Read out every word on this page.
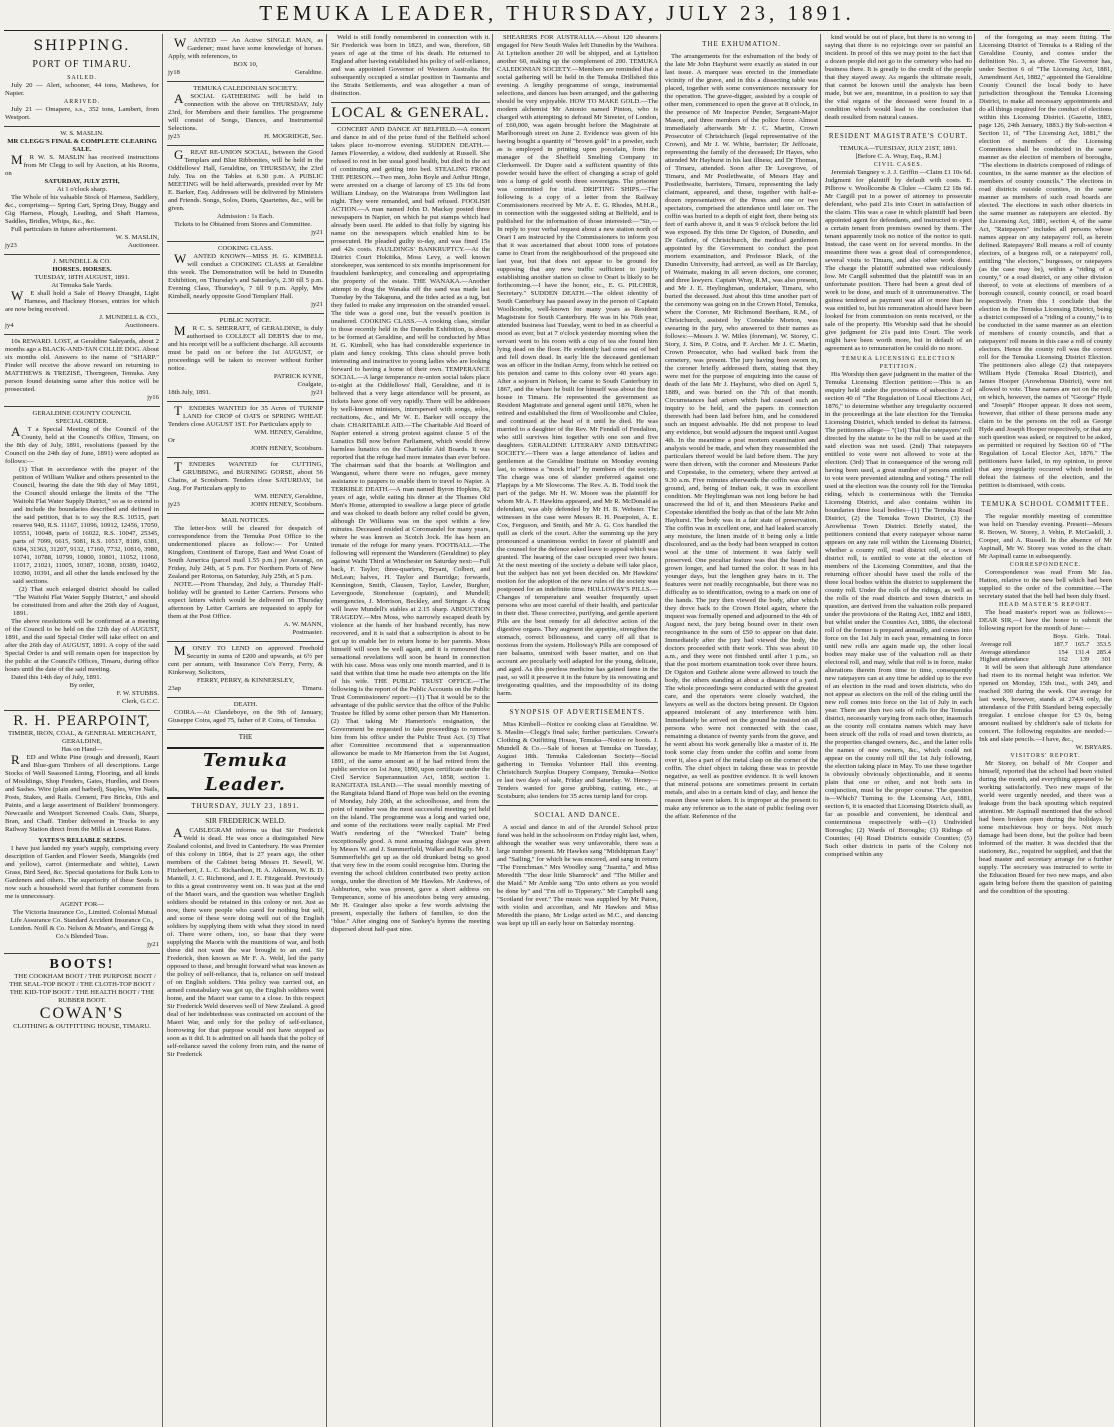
TEMUKA LEADER, THURSDAY, JULY 23, 1891.
SHIPPING.
PORT OF TIMARU.
SAILED.

July 20 — Alert, schooner, 44 tons, Mathews, for Napier.

ARRIVED.

July 21 — Omapere, s.s., 352 tons, Lambert, from Westport.

W. S. MASLIN.
MR CLEGG'S FINAL & COMPLETE CLEARING SALE.

MR W. S. MASLIN has received instructions from Mr Clegg to sell by Auction, at his Rooms, on

SATURDAY, JULY 25TH,
At 1 o'clock sharp.

The Whole of his valuable Stock of Harness, Saddlery, &c., comprising— Spring Cart, Spring Dray, Buggy and Gig Harness, Plough, Leading, and Shaft Harness, Saddles, Bridles, Whips, &c., &c.

Full particulars in future advertisement.

W. S. MASLIN,
jy23	Auctioneer.
J. MUNDELL & CO.
HORSES. HORSES.
TUESDAY, 18TH AUGUST, 1891.
At Temuka Sale Yards.

WE shall hold a Sale of Heavy Draught, Light Harness, and Hackney Horses, entries for which are now being received.

J. MUNDELL & CO.,
jy4	Auctioneers.

10s REWARD. LOST, at Geraldine Saleyards, about 2 months ago a BLACK-AND-TAN COLLIE DOG. About six months old. Answers to the name of "SHARP." Finder will receive the above reward on returning to MATTHEWS & TREZISE, Thorngreen, Temuka. Any person found detaining same after this notice will be prosecuted.

jy16
GERALDINE COUNTY COUNCIL
SPECIAL ORDER.

AT a Special Meeting of the Council of the County, held at the Council's Office, Timaru, on the 8th day of July, 1891, resolutions (passed by the Council on the 24th day of June, 1891) were adopted as follows:—

(1) That in accordance with the prayer of the petition of William Walker and others presented to the Council, bearing the date the 9th day of May 1891, the Council should enlarge the limits of the "The Waitohi Flat Water Supply District," so as to extend to and include the boundaries described and defined in the said petition, that is to say the R.S. 10515, part reserve 940, R.S. 11167, 11096, 10912, 12456, 17050, 10551, 10048, parts of 16022, R.S. 10047, 25345, parts of 7099, 6615, 5081, R.S. 10517, 8189, 6381, 6384, 31363, 31207, 9132, 17160, 7732, 10816, 3980, 10741, 10788, 10799, 10800, 10801, 11052, 11060, 11017, 21021, 11005, 10387, 10388, 10389, 10492, 10390, 10391, and all other the lands enclosed by the said sections.

(2) That such enlarged district should be called "The Waitohi Flat Water Supply District," and should be constituted from and after the 26th day of August, 1891.

The above resolutions will be confirmed at a meeting of the Council to be held on the 12th day of AUGUST, 1891, and the said Special Order will take effect on and after the 26th day of AUGUST, 1891. A copy of the said Special Order is and will remain open for inspection by the public at the Council's Offices, Timaru, during office hours until the date of the said meeting.

Dated this 14th day of July, 1891.

By order,
F. W. STUBBS.
Clerk, G.C.C.
R. H. PEARPOINT,
TIMBER, IRON, COAL, & GENERAL MERCHANT, GERALDINE,
Has on Hand—

RED and White Pine (rough and dressed), Kauri and Blue-gum Timbers of all descriptions. Large Stocks of Well Seasoned Lining, Flooring, and all kinds of Mouldings, Shop Fenders, Gates, Hurdles, and Doors and Sashes. Wire (plain and barbed), Staples, Wire Nails, Posts, Stakes, and Rails. Cement, Fire Bricks, Oils and Paints, and a large assortment of Builders' Ironmongery. Newcastle and Westport Screened Coals. Oats, Sharps, Bran, and Chaff. Timber delivered in Trucks to any Railway Station direct from the Mills at Lowest Rates.

YATES'S RELIABLE SEEDS.

I have just landed my year's supply, comprising every description of Garden and Flower Seeds, Mangolds (red and yellow), carrot (intermediate and white), Lawn Grass, Bird Seed, &c. Special quotations for Bulk Lots to Gardeners and others. The superiority of these Seeds is now such a household word that further comment from me is unnecessary.

AGENT FOR—

The Victoria Insurance Co., Limited. Colonial Mutual Life Assurance Co. Standard Accident Insurance Co., London. Noill & Co. Nelson & Moate's, and Gregg & Co.'s Blended Teas.

jy21
BOOTS!

THE COOKHAM BOOT / THE PURPOSE BOOT / THE SEAL-TOP BOOT / THE CLOTH-TOP BOOT / THE KID-TOP BOOT / THE HEALTH BOOT / THE RUBBER BOOT.

COWAN'S
CLOTHING & OUTFITTING HOUSE, TIMARU.

WANTED — An Active SINGLE MAN, as Gardener; must have some knowledge of horses. Apply, with references, to

BOX 10,
jy18	Geraldine.
TEMUKA CALEDONIAN SOCIETY.

ASOCIAL GATHERING will be held in connection with the above on THURSDAY, July 23rd, for Members and their families. The programme will consist of Songs, Dances, and Instrumental Selections.

jy23	H. MOGRIDGE, Sec.

GREAT RE-UNION SOCIAL, between the Good Templars and Blue Ribbonites, will be held in the Oddfellows' Hall, Geraldine, on THURSDAY, the 23rd July. Tea on the Tables at 6.30 p.m. A PUBLIC MEETING will be held afterwards, presided over by Mr E. Barker, Esq. Addresses will be delivered by Ministers and Friends. Songs, Solos, Duets, Quartettes, &c., will be given.

Admission : 1s Each.

Tickets to be Obtained from Stores and Committee.

jy21
COOKING CLASS.

WANTED KNOWN—MISS H. G. KIMBELL will conduct a COOKING CLASS at Geraldine this week. The Demonstration will be held in Dunedin Exhibition, on Thursday's and Saturday's, 2.30 till 5 p.m. Evening Class, Thursday's, 7 till 9 p.m. Apply, Mrs Kimbell, nearly opposite Good Templars' Hall.

jy21
PUBLIC NOTICE.

MR C. S. SHERRATT, of GERALDINE, is duly authorised to COLLECT all DEBTS due to me, and his receipt will be a sufficient discharge. All accounts must be paid on or before the 1st AUGUST, or proceedings will be taken to recover without further notice.

PATRICK KYNE,
Coalgate,
18th July, 1891.	jy21

TENDERS WANTED for 35 Acres of TURNIP LAND for CROP of OATS or SPRING WHEAT. Tenders close AUGUST 1ST. For Particulars apply to

WM. HENEY, Geraldine,
Or
JOHN HENEY, Scotsburn.

TENDERS WANTED for CUTTING, GRUBBING, and BURNING GORSE, about 56 Chains, at Scotsburn. Tenders close SATURDAY, 1st Aug. For Particulars apply to

WM. HENEY, Geraldine,
jy23	JOHN HENEY, Scotsburn.
MAIL NOTICES.

The letter-box will be cleared for despatch of correspondence from the Temuka Post Office to the undermentioned places as follow:— For United Kingdom, Continent of Europe, East and West Coast of South America (parcel mail 1.55 p.m.) per Aorangi, on Friday, July 24th, at 5 p.m. For Northern Ports of New Zealand per Rotorua, on Saturday, July 25th, at 5 p.m.

NOTE.—From Thursday, 2nd July, a Thursday Half-holiday will be granted to Letter Carriers. Persons who expect letters which would be delivered on Thursday afternoon by Letter Carriers are requested to apply for them at the Post Office.

A. W. MANN,
Postmaster.

MONEY TO LEND on approved Freehold Security in sums of £200 and upwards, at 6½ per cent per annum, with Insurance Co's Ferry, Ferry, & Kinkeway, Solicitors,

FERRY, PERRY, & KINNERSLEY,
23ap	Timaru.
DEATH.

COIRA.—At Clandeboye, on the 9th of January, Giuseppe Coira, aged 75, father of P. Coira, of Temuka.

THE
Temuka Leader.
THURSDAY, JULY 23, 1891.
SIR FREDERICK WELD.

ACABLEGRAM informs us that Sir Frederick Weld is dead. He was once a distinguished New Zealand colonist, and lived in Canterbury. He was Premier of this colony in 1864, that is 27 years ago, the other members of the Cabinet being Messrs H. Sewell, W. Fitzherbert, J. L. C. Richardson, H. A. Atkinson, W. B. D. Mantell, J. C. Richmond, and J. E. Fitzgerald. Previously to this a great controversy went on. It was just at the end of the Maori wars, and the question was whether English soldiers should be retained in this colony or not. Just as now, there were people who cared for nothing but self, and some of these were doing well out of the English soldiers by supplying them with what they stood in need of. There were others, too, so base that they were supplying the Maoris with the munitions of war, and both these did not want the war brought to an end. Sir Frederick, then known as Mr F. A. Weld, led the party opposed to these, and brought forward what was known as the policy of self-reliance, that is, reliance on self instead of on English soldiers. This policy was carried out, an armed constabulary was got up, the English soldiers went home, and the Maori war came to a close. In this respect Sir Frederick Weld deserves well of New Zealand. A good deal of her indebtedness was contracted on account of the Maori War, and only for the policy of self-reliance, borrowing for that purpose would not have stopped as soon as it did. It is admitted on all hands that the policy of self-reliance saved the colony from ruin, and the name of Sir Frederick

Weld is still fondly remembered in connection with it. Sir Frederick was born in 1823, and was, therefore, 68 years of age at the time of his death. He returned to England after having established his policy of self-reliance, and was appointed Governor of Western Australia. He subsequently occupied a similar position in Tasmania and the Straits Settlements, and was altogether a man of distinction.

LOCAL & GENERAL.

CONCERT AND DANCE AT BELFIELD.—A concert and dance in aid of the prize fund of the Belfield school takes place to-morrow evening. SUDDEN DEATH.—James Flowerday, a widow, died suddenly at Russell. She refused to rest in her usual good health, but died in the act of continuing and getting into bed. STEALING FROM THE PERSON.—Two men, John Boyle and Arthur Hinge, were arrested on a charge of larceny of £5 10s 6d from William Lindsay, on the Wairarapa from Wellington last night. They were remanded, and bail refused. FOOLISH ACTION.—A man named John D. Mackay posted three newspapers in Napier, on which he put stamps which had already been used. He added to that folly by signing his name on the newspapers which enabled him to be prosecuted. He pleaded guilty to-day, and was fined 15s and 42s costs. FAULDINGS' BANKRUPTCY.—At the District Court Hokitika, Moss Levy, a well known storekeeper, was sentenced to six months imprisonment for fraudulent bankruptcy, and concealing and appropriating the property of the estate. THE WANAKA.—Another attempt to drag the Wanaka off the sand was made last Tuesday by the Takapuna, and the tides acted as a tug, but they failed to make any impression on the stranded vessel. The tide was a good one, but the vessel's position is unaltered. COOKING CLASS.—A cooking class, similar to those recently held in the Dunedin Exhibition, is about to be formed at Geraldine, and will be conducted by Miss H. G. Kimbell, who has had considerable experience in plain and fancy cooking. This class should prove both interesting and instructive to young ladies who are looking forward to having a home of their own. TEMPERANCE SOCIAL.—A large temperance re-union social takes place to-night at the Oddfellows' Hall, Geraldine, and it is believed that a very large attendance will be present, as tickets have gone off very rapidly. There will be addresses by well-known ministers, interspersed with songs, solos, recitations, &c., and Mr W. E. Barker will occupy the chair. CHARITABLE AID.—The Charitable Aid Board of Napier entered a strong protest against clause 5 of the Lunatics Bill now before Parliament, which would throw harmless lunatics on the Charitable Aid Boards. It was reported that the refuge had more inmates than ever before. The chairman said that the boards at Wellington and Wanganui, where there were no refuges, gave money assistance to paupers to enable them to travel to Napier. A TERRIBLE DEATH.—A man named Byron Hopkins, 82 years of age, while eating his dinner at the Thames Old Men's Home, attempted to swallow a large piece of gristle and was choked to death before any relief could be given, although Dr Williams was on the spot within a few minutes. Deceased resided at Coromandel for many years, where he was known as Scotch Jock. He has been an inmate of the refuge for many years. FOOTBALL.—The following will represent the Wanderers (Geraldine) to play against Waihi Third at Winchester on Saturday next:—Full back, F. Taylor; three-quarters, Bryant, Colbert, and McLean; halves, H. Taylor and Burridge; forwards, Kennington, Smith, Clausen, Taylor, Lawler, Burgher, Levergoode, Stonehouse (captain), and Mundell; emergencies, J. Morrison, Beckley, and Stringer. A drag will leave Mundell's stables at 2.15 sharp. ABDUCTION TRAGEDY.—Mrs Moss, who narrowly escaped death by violence at the hands of her husband recently, has now recovered, and it is said that a subscription is about to be got up to enable her to return home to her parents. Moss himself will soon be well again, and it is rumoured that sensational revelations will soon be heard in connection with his case. Moss was only one month married, and it is said that within that time he made two attempts on the life of his wife. THE PUBLIC TRUST OFFICE.—The following is the report of the Public Accounts on the Public Trust Commissioners' report:—(1) That it would be to the advantage of the public service that the office of the Public Trustee be filled by some other person than Mr Hamerton. (2) That taking Mr Hamerton's resignation, the Government be requested to take proceedings to remove him from his office under the Public Trust Act. (3) That after Committee recommend that a superannuation allowance be made to Mr Hamerton from the 1st August, 1891, of the same amount as if he had retired from the public service on 1st June, 1890, upon certificate under the Civil Service Superannuation Act, 1858, section 1. RANGITATA ISLAND.—The usual monthly meeting of the Rangitata Island Band of Hope was held on the evening of Monday, July 20th, at the schoolhouse, and from the point of number was the most successful meeting yet held on the island. The programme was a long and varied one, and some of the recitations were really capital. Mr Fred Watt's rendering of the "Wrecked Train" being exceptionally good. A most amusing dialogue was given by Messrs W. and J. Summerfield, Walker and Kelly. Mr J. Summerfield's get up as the old drunkard being so good that very few in the room could recognise him. During the evening the school children contributed two pretty action songs, under the direction of Mr Hawkes. Mr Andrews, of Ashburton, who was present, gave a short address on Temperance, some of his anecdotes being very amusing. Mr H. Grainger also spoke a few words advising the present, especially the fathers of families, to don the "blue." After singing one of Sankey's hymns the meeting dispersed about half-past nine.

SHEARERS FOR AUSTRALIA.—About 120 shearers engaged for New South Wales left Dunedin by the Waihora. At Lyttelton another 20 will be shipped, and at Lyttelton another 60, making up the complement of 200. TEMUKA CALEDONIAN SOCIETY.—Members are reminded that a social gathering will be held in the Temuka Drillshed this evening. A lengthy programme of songs, instrumental selections, and dances has been arranged, and the gathering should be very enjoyable. HOW TO MAKE GOLD.—The modern alchemist Mr Antonio named Pinton, who is charged with attempting to defraud Mr Streeter, of London, of £60,000, was again brought before the Magistrate at Marlborough street on June 2. Evidence was given of his having bought a quantity of "brown gold" in a powder, such as is employed in printing upon porcelain, from the manager of the Sheffield Smelting Company in Clerkenwell. Dr Dupre said a sufficient quantity of this powder would have the effect of changing a scrap of gold into a lump of gold worth three sovereigns. The prisoner was committed for trial. DRIFTING SHIPS.—The following is a copy of a letter from the Railway Commissioners received by Mr A. E. G. Rhodes, M.H.R., in connection with the suggested siding at Belfield, and is published for the information of those interested:—"Sir,—In reply to your verbal request about a new station north of Orari I am instructed by the Commissioners to inform you that it was ascertained that about 1000 tons of potatoes came to Orari from the neighbourhood of the proposed site last year, but that does not appear to be ground for supposing that any new traffic sufficient to justify establishing another station so close to Orari is likely to be forthcoming.—I have the honor, etc., E. G. PILCHER, Secretary." SUDDEN DEATH.—The oldest identity of South Canterbury has passed away in the person of Captain Woollcombe, well-known for many years as Resident Magistrate for South Canterbury. He was in his 76th year, attended business last Tuesday, went to bed in as cheerful a mood as ever, but at 7 o'clock yesterday morning when the servant went to his room with a cup of tea she found him lying dead on the floor. He evidently had come out of bed and fell down dead. In early life the deceased gentleman was an officer in the Indian Army, from which he retired on his pension and came to this colony over 40 years ago. After a sojourn in Nelson, he came to South Canterbury in 1867, and the whare he built for himself was about the first house in Timaru. He represented the government as Resident Magistrate and general agent until 1876, when he retired and established the firm of Woollcombe and Clulee, and continued at the head of it until he died. He was married to a daughter of the Rev. Mr Fendall of Fendalton, who still survives him together with one son and five daughters. GERALDINE LITERARY AND DEBATING SOCIETY.—There was a large attendance of ladies and gentlemen at the Geraldine Institute on Monday evening last, to witness a "mock trial" by members of the society. The charge was one of slander preferred against one Flapjaps by a Mr Slowcome. The Rev. A. B. Todd took the part of the judge. Mr H. W. Moore was the plaintiff for whom Mr A. F. Hawkins appeared, and Mr R. McDonald as defendant, was ably defended by Mr H. B. Webster. The witnesses in the case were Messrs R. H. Pearpoint, A. E. Cox, Ferguson, and Smith, and Mr A. G. Cox handled the quill as clerk of the court. After the summing up the jury pronounced a unanimous verdict in favor of plaintiff and the counsel for the defence asked leave to appeal which was granted. The hearing of the case occupied over two hours. At the next meeting of the society a debate will take place, but the subject has not yet been decided on. Mr Hawkins' motion for the adoption of the new rules of the society was postponed for an indefinite time. HOLLOWAY'S PILLS.—Changes of temperature and weather frequently upset persons who are most careful of their health, and particular in their diet. These corrective, purifying, and gentle aperient Pills are the best remedy for all defective action of the digestive organs. They augment the appetite, strengthen the stomach, correct biliousness, and carry off all that is noxious from the system. Holloway's Pills are composed of rare balsams, unmixed with baser matter, and on that account are peculiarly well adapted for the young, delicate, and aged. As this peerless medicine has gained fame in the past, so will it preserve it in the future by its renovating and invigorating qualities, and the impossibility of its doing harm.

SYNOPSIS OF ADVERTISEMENTS.

Miss Kimbell—Notice re cooking class at Geraldine. W. S. Maslin—Clegg's final sale; further particulars. Cowan's Clothing & Outfitting House, Temuka—Notice re boots. J. Mundell & Co.—Sale of horses at Temuka on Tuesday, August 18th. Temuka Caledonian Society—Social gathering in Temuka Volunteer Hall this evening. Christchurch Surplus Drapery Company, Temuka—Notice re last two days of sale, Friday and Saturday. W. Heney—Tenders wanted for gorse grubbing, cutting, etc., at Scotsburn; also tenders for 35 acres turnip land for crop.

SOCIAL AND DANCE.

A social and dance in aid of the Arundel School prize fund was held in the schoolroom on Friday night last, when, although the weather was very unfavorable, there was a large number present. Mr Hawkes sang "Midshipman Easy" and "Sailing," for which he was encored, and sang in return "The Frenchman." Mrs Woodley sang "Juanita," and Miss Meredith "The dear little Shamrock" and "The Miller and the Maid." Mr Amble sang "Do unto others as you would be done by" and "I'm off to Tipperary." Mr Campbell sang "Scotland for ever." The music was supplied by Mr Paton, with violin and accordian, and Mr Hawkes and Miss Meredith the piano, Mr Lodge acted as M.C., and dancing was kept up till an early hour on Saturday morning.

THE EXHUMATION.

The arrangements for the exhumation of the body of the late Mr John Hayhurst were exactly as stated in our last issue. A marquee was erected in the immediate vicinity of the grave, and in this a dissecting table was placed, together with some conveniences necessary for the operation. The grave-digger, assisted by a couple of other men, commenced to open the grave at 8 o'clock, in the presence of Mr Inspector Pender, Sergeant-Major Mason, and three members of the police force. Almost immediately afterwards Mr J. C. Martin, Crown Prosecutor of Christchurch (legal representative of the Crown), and Mr J. W. White, barrister; Dr Jeffcoate, representing the family of the deceased; Dr Hayes, who attended Mr Hayhurst in his last illness; and Dr Thomas, of Timaru, attended. Soon after Dr Lovegrove, of Timaru, and Mr Postlethwaite, of Messrs Hay and Postlethwaite, barristers, Timaru, representing the lady claimant, appeared, and these, together with half-a-dozen representatives of the Press and one or two spectators, comprised the attendance until later on. The coffin was buried to a depth of eight feet, there being six feet of earth above it, and it was 9 o'clock before the lid was exposed. By this time Dr Ogston, of Dunedin, and Dr Guthrie, of Christchurch, the medical gentlemen appointed by the Government to conduct the post mortem examination, and Professor Black, of the Dunedin University, had arrived, as well as Dr Barclay, of Waimate, making in all seven doctors, one coroner, and three lawyers. Captain Wray, R.M., was also present, and Mr J. E. Heylinghman, undertaker, Timaru, who buried the deceased. Just about this time another part of the ceremony was going on in the Crown Hotel, Temuka, where the Coroner, Mr Richmond Beetham, R.M., of Christchurch, assisted by Constable Morton, was swearing in the jury, who answered to their names as follows:—Messrs J. W. Miles (foreman), W. Storey, C. Story, J. Sim, P. Coira, and F. Archer. Mr J. C. Martin, Crown Prosecutor, who had walked back from the cemetery, was present. The jury having been sworn in, the coroner briefly addressed them, stating that they were met for the purpose of enquiring into the cause of death of the late Mr J. Hayhurst, who died on April 5, 1889, and was buried on the 7th of that month. Circumstances had arisen which had caused such an inquiry to be held, and the papers in connection therewith had been laid before him, and he considered such an inquest advisable. He did not propose to lead any evidence, but would adjourn the inquest until August 4th. In the meantime a post mortem examination and analysis would be made, and when they reassembled the particulars thereof would be laid before them. The jury were then driven, with the coroner and Messieurs Parke and Copestake, to the cemetery, where they arrived at 9.30 a.m. Five minutes afterwards the coffin was above ground, and, being of Indian oak, it was in excellent condition. Mr Heylinghman was not long before he had unscrewed the lid of it, and then Messieurs Parke and Copestake identified the body as that of the late Mr John Hayhurst. The body was in a fair state of preservation. The coffin was in excellent one, and had leaked scarcely any moisture, the linen inside of it being only a little discoloured, and as the body had been wrapped in cotton wool at the time of interment it was fairly well preserved. One peculiar feature was that the beard had grown longer, and had turned the color. It was in his younger days, but the lengthen gray hairs in it. The features were not readily recognisable, but there was no difficulty as to identification, owing to a mark on one of the hands. The jury then viewed the body, after which they drove back to the Crown Hotel again, where the inquest was formally opened and adjourned to the 4th of August next, the jury being bound over in their own recognisance in the sum of £50 to appear on that date. Immediately after the jury had viewed the body, the doctors proceeded with their work. This was about 10 a.m., and they were not finished until after 1 p.m., so that the post mortem examination took over three hours. Dr Ogston and Guthrie alone were allowed to touch the body, the others standing at about a distance of a yard. The whole proceedings were conducted with the greatest care, and the operators were closely watched, the lawyers as well as the doctors being present. Dr Ogston appeared intolerant of any interference with him. Immediately he arrived on the ground he insisted on all persons who were not connected with the case, remaining a distance of twenty yards from the grave, and he went about his work generally like a master of it. He took some clay from under the coffin and some from over it, also a part of the metal clasp on the corner of the coffin. The chief object in taking these was to provide negative, as well as positive evidence. It is well known that mineral poisons are sometimes present in certain metals, and also in a certain kind of clay, and hence the reason these were taken. It is improper at the present to make any reference as to the state of public feeling over the affair. Reference of the

kind would be out of place, but there is no wrong in saying that there is no rejoicings over so painful an incident. In proof of this we may point to the fact that a dozen people did not go to the cemetery who had no business there. It is greatly to the credit of the people that they stayed away. As regards the ultimate result, that cannot be known until the analysis has been made, but we are, meantime, in a position to say that the vital organs of the deceased were found in a condition which would lead to the conclusion that death resulted from natural causes.

RESIDENT MAGISTRATE'S COURT.
TEMUKA—TUESDAY, JULY 21ST, 1891.
[Before C. A. Wray, Esq., R.M.]
CIVIL CASES.

Jeremiah Tangney v. J. J. Griffin —Claim £1 10s 6d. Judgment for plaintiff by default with costs. E. Pilbrow v. Woollcombe & Clulee —Claim £2 18s 6d. Mr Cargill put in a power of attorney to prosecute defendant, who paid 21s into Court in satisfaction of the claim. This was a case in which plaintiff had been appointed agent for defendants, and instructed to eject a certain tenant from premises owned by them. The tenant apparently took no notice of the notice to quit. Instead, the case went on for several months. In the meantime there was a great deal of correspondence, several visits to Timaru, and also other work done. The charge the plaintiff submitted was ridiculously low. Mr Cargill submitted that the plaintiff was in an unfortunate position. There had been a great deal of work to be done, and much of it unremunerative. The guinea tendered as payment was all or more than he was entitled to, but his remuneration should have been looked for from commission on rents received, or the sale of the property. His Worship said that he should give judgment for 21s paid into Court. The work might have been worth more, but in default of an agreement as to remuneration he could do no more.

TEMUKA LICENSING ELECTION PETITION.

His Worship then gave judgment in the matter of the Temuka Licensing Election petition:—This is an enquiry held under the provisions of subsection 2 of section 40 of "The Regulation of Local Elections Act, 1876," to determine whether any irregularity occurred in the proceedings at the late election for the Temuka Licensing District, which tended to defeat its fairness. The petitioners allege— "(1st) That the ratepayers' roll directed by the statute to be the roll to be used at the said election was not used. (2nd) That ratepayers entitled to vote were not allowed to vote at the election. (3rd) That in consequence of the wrong roll having been used, a great number of persons entitled to vote were prevented attending and voting." The roll used at the election was the county roll for the Temuka riding, which is conterminous with the Temuka Licensing District, and also contains within its boundaries three local bodies—(1) The Temuka Road District, (2) the Temuka Town District, (3) the Arowhenua Town District. Briefly stated, the petitioners contend that every ratepayer whose name appears on any rate roll within the Licensing District, whether a county roll, road district roll, or a town district roll, is entitled to vote at the election of members of the Licensing Committee, and that the returning officer should have used the rolls of the three local bodies within the district to supplement the county roll. Under the rolls of the ridings, as well as the rolls of the road districts and town districts in question, are derived from the valuation rolls prepared under the provisions of the Rating Act, 1882 and 1883, but whilst under the Counties Act, 1886, the electoral roll of the former is prepared annually, and comes into force on the 1st July in each year, remaining in force until new rolls are again made up, the other local bodies may make use of the valuation roll as their electoral roll, and may, while that roll is in force, make alterations therein from time to time, consequently new ratepayers can at any time be added up to the eve of an election in the road and town districts, who do not appear as electors on the roll of the riding until the new roll comes into force on the 1st of July in each year. There are then two sets of rolls for the Temuka district, necessarily varying from each other, inasmuch as the county roll contains names which may have been struck off the rolls of road and town districts, as the properties changed owners, &c., and the latter rolls the names of new owners, &c., which could not appear on the county roll till the 1st July following, the election taking place in May. To use these together is obviously obviously objectionable, and it seems plain that one or other, and not both sets in conjunction, must be the proper course. The question is—Which? Turning to the Licensing Act, 1881, section 6, it is enacted that Licensing Districts shall, as far as possible and convenient, be identical and conterminous respectively with—(1) Undivided Boroughs; (2) Wards of Boroughs; (3) Ridings of Counties; (4) Road Districts outside Counties; (5) Such other districts in parts of the Colony not comprised within any

of the foregoing as may seem fitting. The Licensing District of Temuka is a Riding of the Geraldine County, and comes under the definition No. 3, as above. The Governor has, under Section 6 of "The Licensing Act, 1881, Amendment Act, 1882," appointed the Geraldine County Council the local body to have jurisdiction throughout the Temuka Licensing District, to make all necessary appointments and do all things required for the conduct of elections within this Licensing District. (Gazette, 1883, page 126, 24th January, 1883.) By Sub-section 4 Section 11, of "The Licensing Act, 1881," the election of members of the Licensing Committees shall be conducted in the same manner as the election of members of boroughs, "The elections in districts composed of ridings of counties, in the same manner as the election of members of county councils." The elections in road districts outside counties, in the same manner as members of such road boards are elected. The elections in such other districts in the same manner as ratepayers are elected. By the Licensing Act, 1881, section 4, of the same Act, "Ratepayers" includes all persons whose names appear on any ratepayers' roll, as herein defined. Ratepayers' Roll means a roll of county electors, of a burgess roll, or a ratepayers' roll, entitling "the electors," burgesses, or ratepayers (as the case may be), within a "riding of a county," or a road district, or any other division thereof, to vote at elections of members of a borough council, county council, or road board respectively. From this I conclude that the election in the Temuka Licensing District, being a district composed of a "riding of a county," is to be conducted in the same manner as an election of members of county councils, and that a ratepayers' roll means in this case a roll of county electors. Hence the county roll was the correct roll for the Temuka Licensing District Election. The petitioners also allege (2) that ratepayers William Hyde (Temuka Road District), and James Hooper (Arowhenua District), were not allowed to vote. These names are not on the roll, on which, however, the names of "George" Hyde and "Joseph" Hooper appear. It does not seem, however, that either of these persons made any claim to be the persons on the roll as George Hyde and Joseph Hooper respectively, or that any such question was asked, or required to be asked, as permitted or required by Section 60 of "The Regulation of Local Elector Act, 1876." The petitioners have failed, in my opinion, to prove that any irregularity occurred which tended to defeat the fairness of the election, and the petition is dismissed, with costs.

TEMUKA SCHOOL COMMITTEE.

The regular monthly meeting of committee was held on Tuesday evening. Present—Messrs R. Brown, W. Storey, J. Vehin, P. McCaskill, J. Cooper, and A. Russell. In the absence of Mr Aspinall, Mr W. Storey was voted to the chair. Mr Aspinall came in subsequently.

CORRESPONDENCE.

Correspondence was read From Mr Jas. Hatton, relative to the new bell which had been supplied to the order of the committee.—The secretary stated that the bell had been duly fixed.

HEAD MASTER'S REPORT.

The head master's report was as follows:— DEAR SIR,—I have the honor to submit the following report for the month of June:—

	Boys.	Girls.	Total.
Average roll	187.7	165.7	353.5
Average attendance	154	131.4	285.4
Highest attendance	162	139	301

It will be seen that although June attendance had risen to its normal height was inferior. We opened on Monday, 15th inst., with 249, and reached 300 during the week. Our average for last week, however, stands at 274.9 only, the attendance of the Fifth Standard being especially irregular. I enclose cheque for £3 0s, being amount realised by children's sale of tickets for concert. The following requisites are needed:—Ink and slate pencils.—I have, &c.,

W. BRYARS.
VISITORS' REPORT.

Mr Storey, on behalf of Mr Cooper and himself, reported that the school had been visited during the month, and everything appeared to be working satisfactorily. Two new maps of the world were urgently needed, and there was a leakage from the back spouting which required attention. Mr Aspinall mentioned that the school had been broken open during the holidays by some mischievous boy or boys. Not much damage had been done, but the police had been informed of the matter. It was decided that the stationery, &c., required be supplied, and that the head master and secretary arrange for a further supply. The secretary was instructed to write to the Education Board for two new maps, and also again bring before them the question of painting and the condition of the spouting.
